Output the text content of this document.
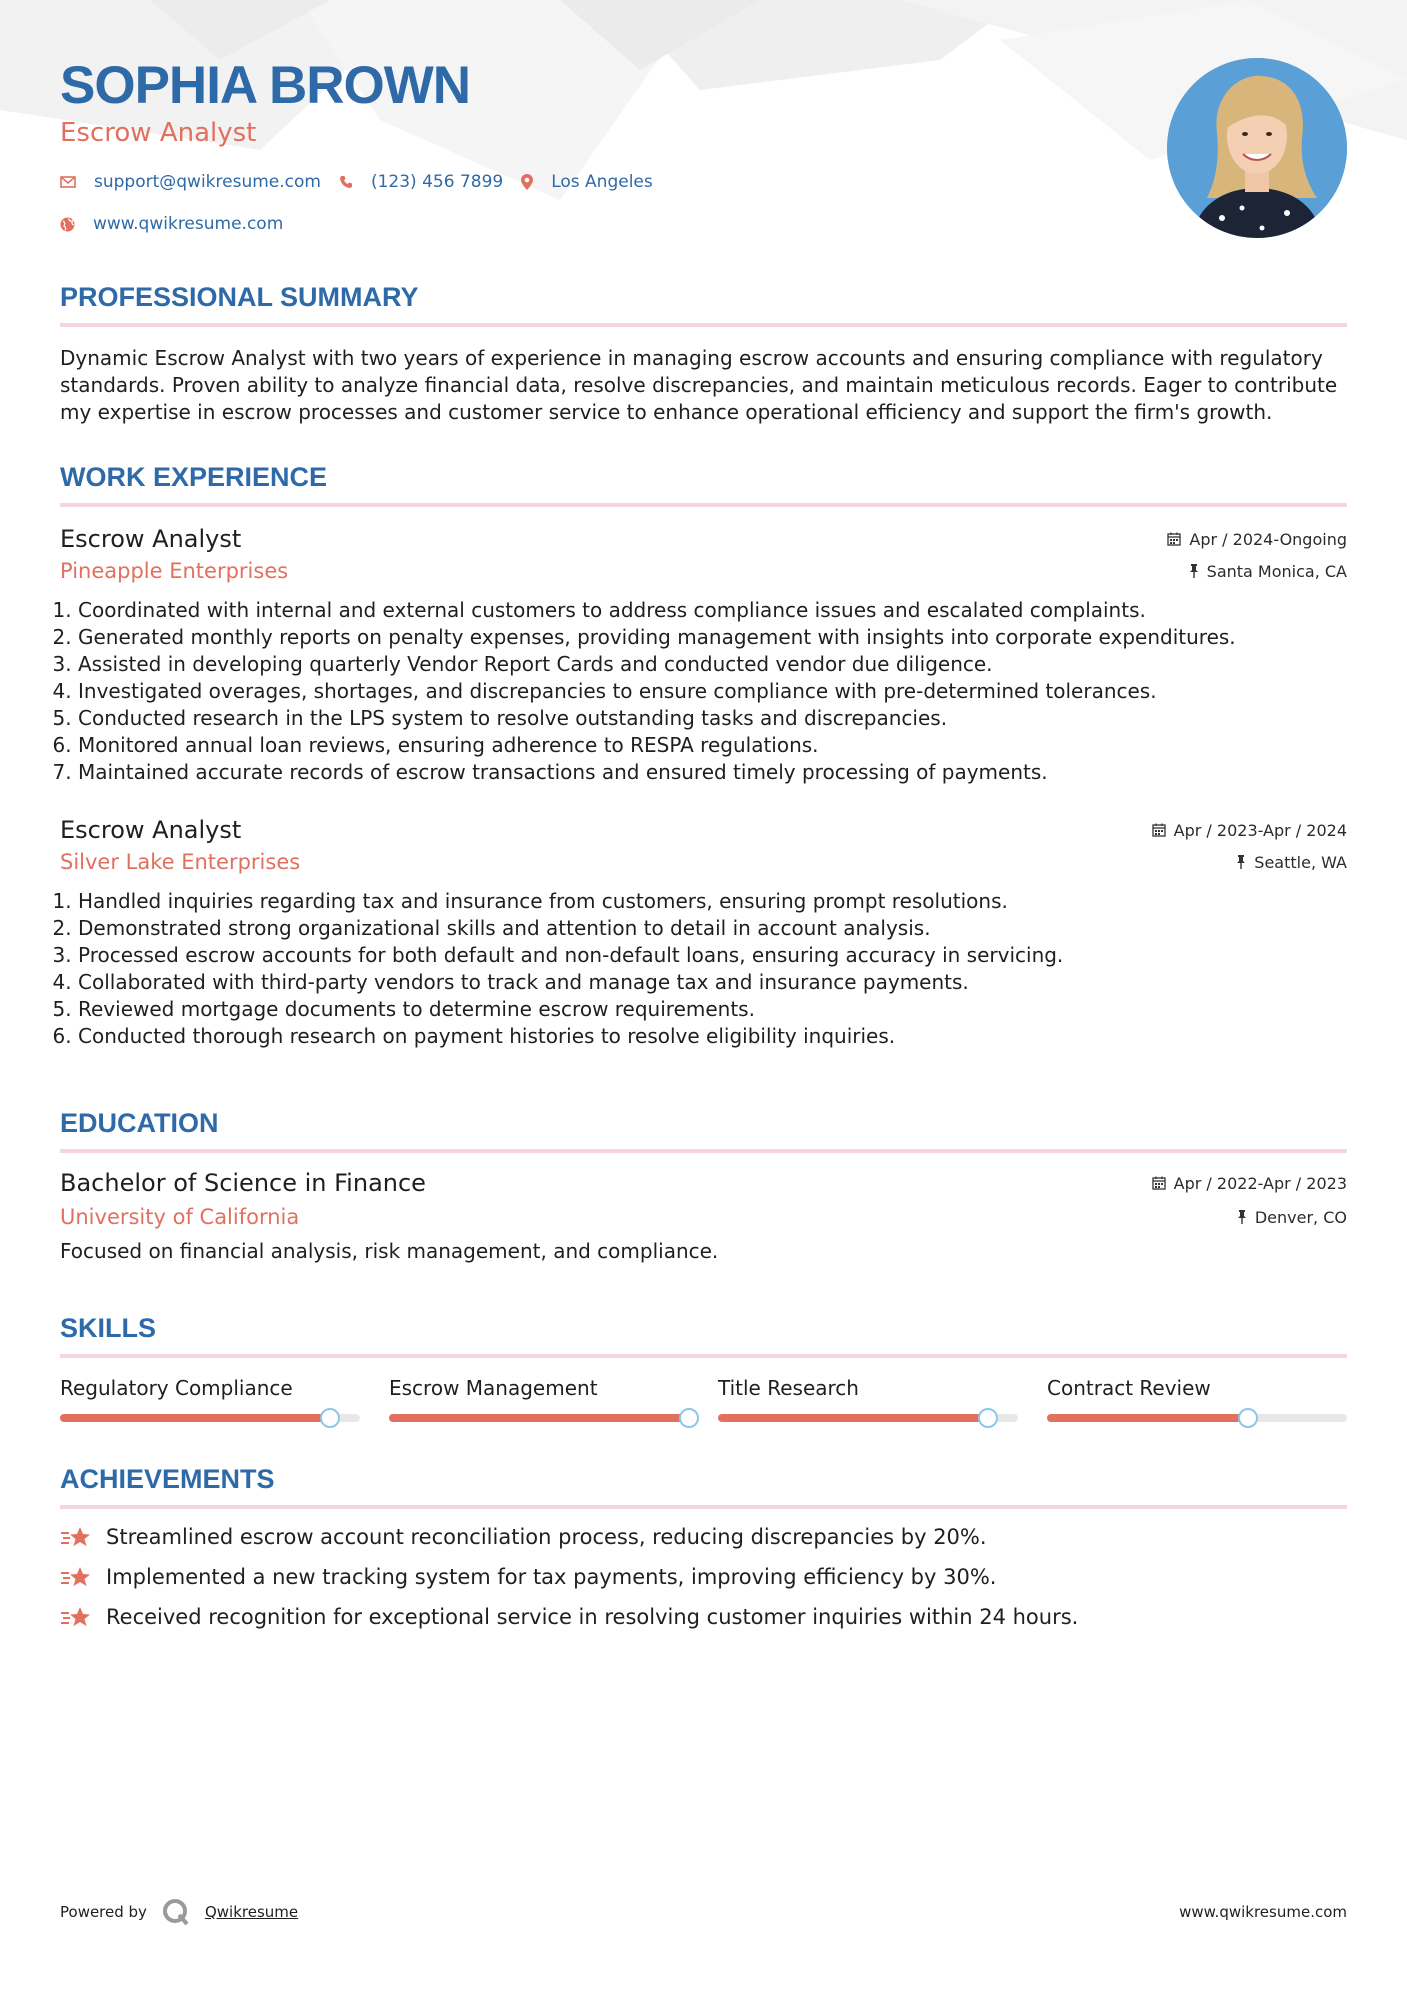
SOPHIA BROWN
Escrow Analyst
support@qwikresume.com	(123) 456 7899	Los Angeles
www.qwikresume.com
PROFESSIONAL SUMMARY

Dynamic Escrow Analyst with two years of experience in managing escrow accounts and ensuring compliance with regulatory standards. Proven ability to analyze financial data, resolve discrepancies, and maintain meticulous records. Eager to contribute my expertise in escrow processes and customer service to enhance operational efficiency and support the firm's growth.

WORK EXPERIENCE
Escrow Analyst	Apr / 2024-Ongoing
Pineapple Enterprises	Santa Monica, CA
1. Coordinated with internal and external customers to address compliance issues and escalated complaints.
2. Generated monthly reports on penalty expenses, providing management with insights into corporate expenditures.
3. Assisted in developing quarterly Vendor Report Cards and conducted vendor due diligence.
4. Investigated overages, shortages, and discrepancies to ensure compliance with pre-determined tolerances.
5. Conducted research in the LPS system to resolve outstanding tasks and discrepancies.
6. Monitored annual loan reviews, ensuring adherence to RESPA regulations.
7. Maintained accurate records of escrow transactions and ensured timely processing of payments.
Escrow Analyst	Apr / 2023-Apr / 2024
Silver Lake Enterprises	Seattle, WA
1. Handled inquiries regarding tax and insurance from customers, ensuring prompt resolutions.
2. Demonstrated strong organizational skills and attention to detail in account analysis.
3. Processed escrow accounts for both default and non-default loans, ensuring accuracy in servicing.
4. Collaborated with third-party vendors to track and manage tax and insurance payments.
5. Reviewed mortgage documents to determine escrow requirements.
6. Conducted thorough research on payment histories to resolve eligibility inquiries.
EDUCATION
Bachelor of Science in Finance	Apr / 2022-Apr / 2023
University of California	Denver, CO
Focused on financial analysis, risk management, and compliance.
SKILLS
Regulatory Compliance	Escrow Management	Title Research	Contract Review
ACHIEVEMENTS
Streamlined escrow account reconciliation process, reducing discrepancies by 20%.
Implemented a new tracking system for tax payments, improving efficiency by 30%.
Received recognition for exceptional service in resolving customer inquiries within 24 hours.
Powered by	Qwikresume	www.qwikresume.com
